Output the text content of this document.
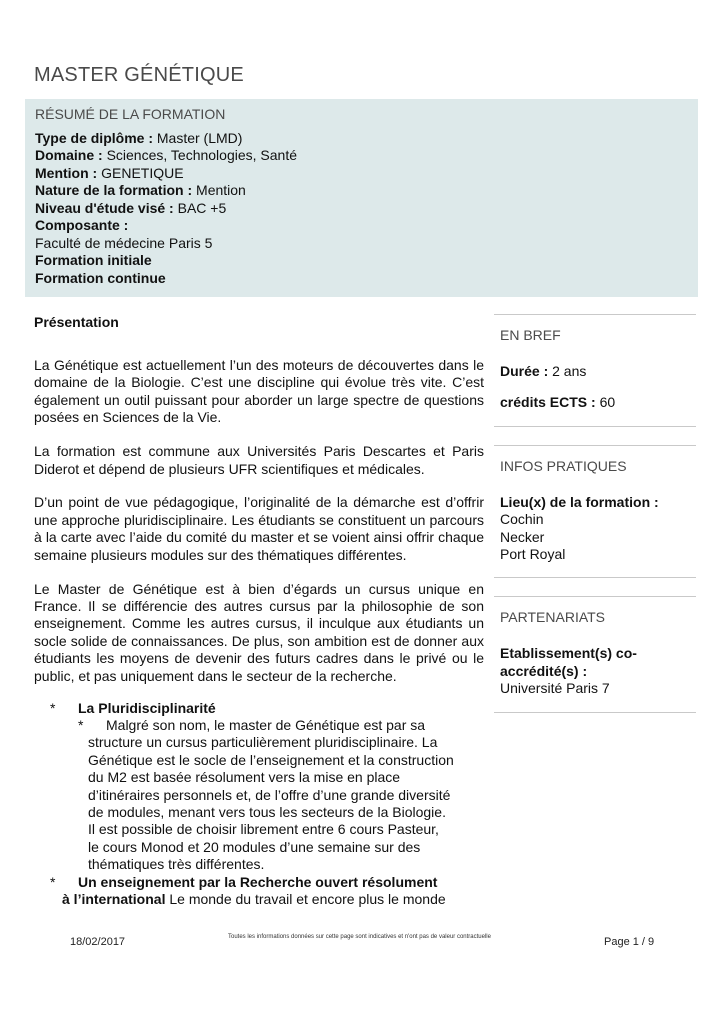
MASTER GÉNÉTIQUE
RÉSUMÉ DE LA FORMATION
Type de diplôme : Master (LMD)
Domaine : Sciences, Technologies, Santé
Mention : GENETIQUE
Nature de la formation : Mention
Niveau d'étude visé : BAC +5
Composante :
Faculté de médecine Paris 5
Formation initiale
Formation continue
Présentation

La Génétique est actuellement l’un des moteurs de découvertes dans le domaine de la Biologie. C’est une discipline qui évolue très vite. C’est également un outil puissant pour aborder un large spectre de questions posées en Sciences de la Vie.

La formation est commune aux Universités Paris Descartes et Paris Diderot et dépend de plusieurs UFR scientifiques et médicales.

D’un point de vue pédagogique, l’originalité de la démarche est d’offrir une approche pluridisciplinaire. Les étudiants se constituent un parcours à la carte avec l’aide du comité du master et se voient ainsi offrir chaque semaine plusieurs modules sur des thématiques différentes.

Le Master de Génétique est à bien d’égards un cursus unique en France. Il se différencie des autres cursus par la philosophie de son enseignement. Comme les autres cursus, il inculque aux étudiants un socle solide de connaissances. De plus, son ambition est de donner aux étudiants les moyens de devenir des futurs cadres dans le privé ou le public, et pas uniquement dans le secteur de la recherche.

* La Pluridisciplinarité
*	Malgré son nom, le master de Génétique est par sa
structure un cursus particulièrement pluridisciplinaire. La
Génétique est le socle de l’enseignement et la construction
du M2 est basée résolument vers la mise en place
d’itinéraires personnels et, de l’offre d’une grande diversité
de modules, menant vers tous les secteurs de la Biologie.
Il est possible de choisir librement entre 6 cours Pasteur,
le cours Monod et 20 modules d’une semaine sur des
thématiques très différentes.
* Un enseignement par la Recherche ouvert résolument
à l’international Le monde du travail et encore plus le monde
EN BREF
Durée : 2 ans
crédits ECTS : 60
INFOS PRATIQUES
Lieu(x) de la formation :
Cochin
Necker
Port Royal
PARTENARIATS
Etablissement(s) co-
accrédité(s) :
Université Paris 7
18/02/2017	Toutes les informations données sur cette page sont indicatives et n'ont pas de valeur contractuelle	Page 1 / 9
